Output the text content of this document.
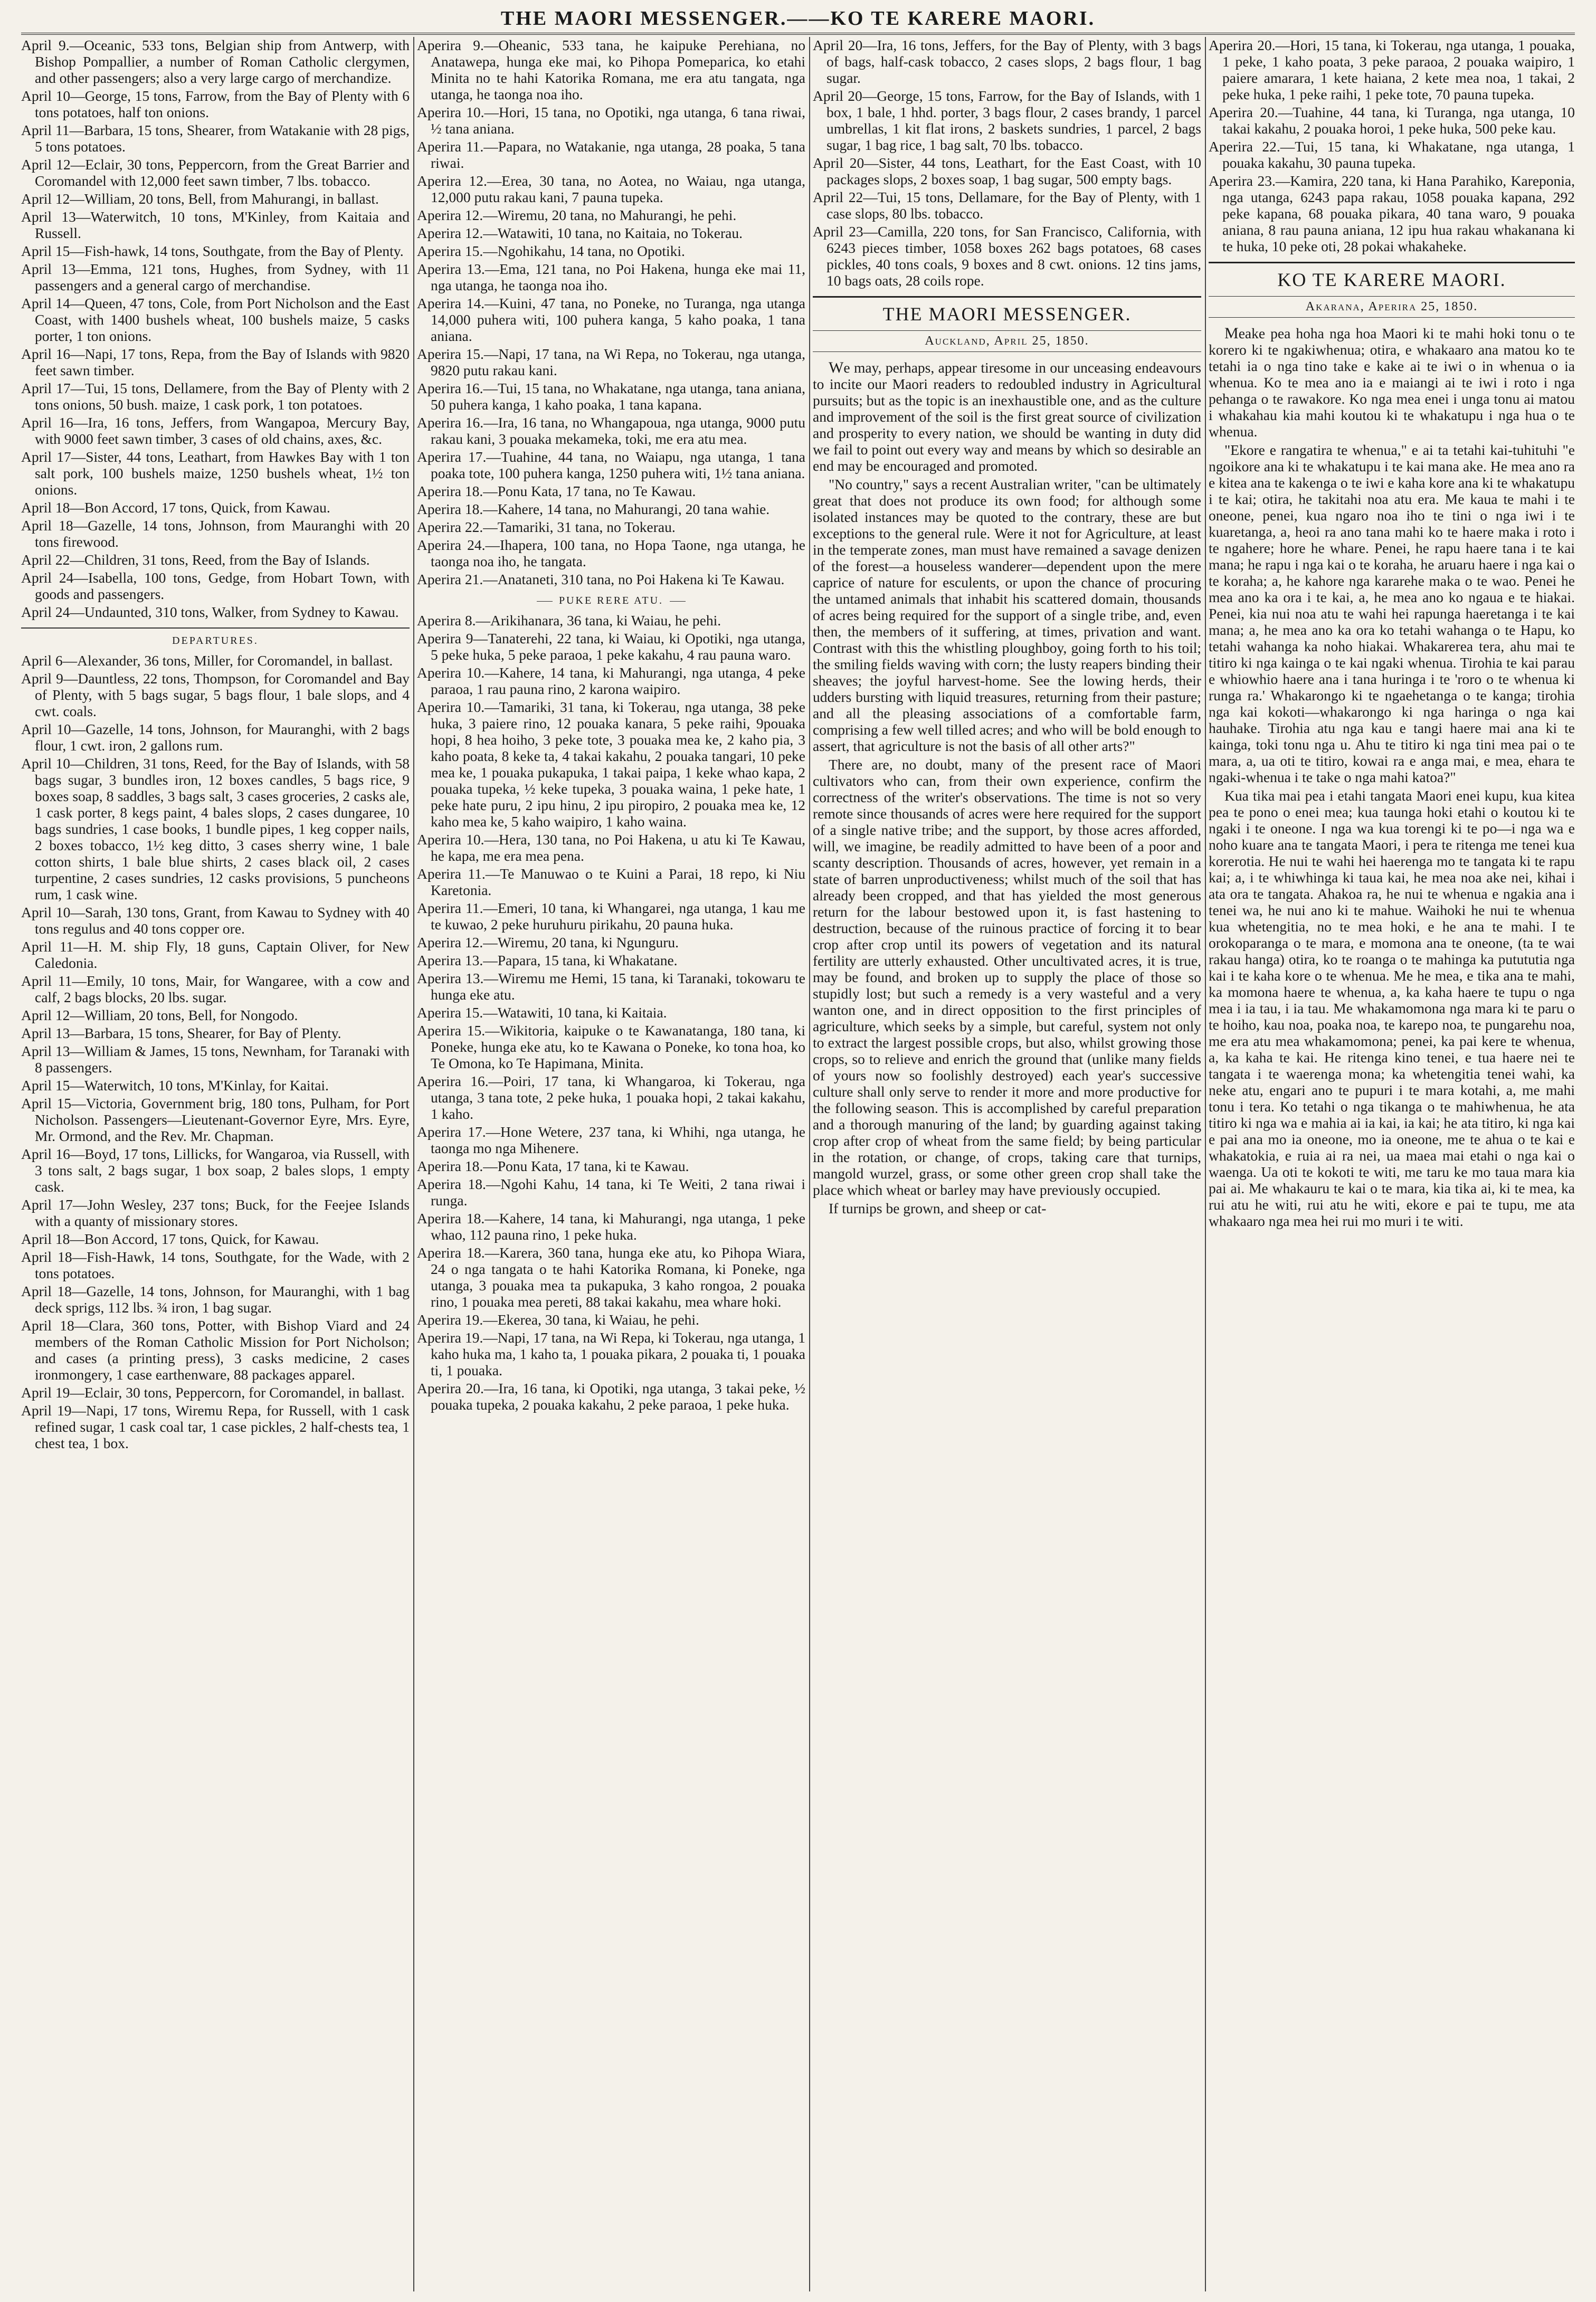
THE MAORI MESSENGER.——KO TE KARERE MAORI.

April 9.—Oceanic, 533 tons, Belgian ship from Antwerp, with Bishop Pompallier, a number of Roman Catholic clergymen, and other passengers; also a very large cargo of merchandize.

April 10—George, 15 tons, Farrow, from the Bay of Plenty with 6 tons potatoes, half ton onions.

April 11—Barbara, 15 tons, Shearer, from Watakanie with 28 pigs, 5 tons potatoes.

April 12—Eclair, 30 tons, Peppercorn, from the Great Barrier and Coromandel with 12,000 feet sawn timber, 7 lbs. tobacco.

April 12—William, 20 tons, Bell, from Mahurangi, in ballast.

April 13—Waterwitch, 10 tons, M'Kinley, from Kaitaia and Russell.

April 15—Fish-hawk, 14 tons, Southgate, from the Bay of Plenty.

April 13—Emma, 121 tons, Hughes, from Sydney, with 11 passengers and a general cargo of merchandise.

April 14—Queen, 47 tons, Cole, from Port Nicholson and the East Coast, with 1400 bushels wheat, 100 bushels maize, 5 casks porter, 1 ton onions.

April 16—Napi, 17 tons, Repa, from the Bay of Islands with 9820 feet sawn timber.

April 17—Tui, 15 tons, Dellamere, from the Bay of Plenty with 2 tons onions, 50 bush. maize, 1 cask pork, 1 ton potatoes.

April 16—Ira, 16 tons, Jeffers, from Wangapoa, Mercury Bay, with 9000 feet sawn timber, 3 cases of old chains, axes, &c.

April 17—Sister, 44 tons, Leathart, from Hawkes Bay with 1 ton salt pork, 100 bushels maize, 1250 bushels wheat, 1½ ton onions.

April 18—Bon Accord, 17 tons, Quick, from Kawau.

April 18—Gazelle, 14 tons, Johnson, from Mauranghi with 20 tons firewood.

April 22—Children, 31 tons, Reed, from the Bay of Islands.

April 24—Isabella, 100 tons, Gedge, from Hobart Town, with goods and passengers.

April 24—Undaunted, 310 tons, Walker, from Sydney to Kawau.

DEPARTURES.

April 6—Alexander, 36 tons, Miller, for Coromandel, in ballast.

April 9—Dauntless, 22 tons, Thompson, for Coromandel and Bay of Plenty, with 5 bags sugar, 5 bags flour, 1 bale slops, and 4 cwt. coals.

April 10—Gazelle, 14 tons, Johnson, for Mauranghi, with 2 bags flour, 1 cwt. iron, 2 gallons rum.

April 10—Children, 31 tons, Reed, for the Bay of Islands, with 58 bags sugar, 3 bundles iron, 12 boxes candles, 5 bags rice, 9 boxes soap, 8 saddles, 3 bags salt, 3 cases groceries, 2 casks ale, 1 cask porter, 8 kegs paint, 4 bales slops, 2 cases dungaree, 10 bags sundries, 1 case books, 1 bundle pipes, 1 keg copper nails, 2 boxes tobacco, 1½ keg ditto, 3 cases sherry wine, 1 bale cotton shirts, 1 bale blue shirts, 2 cases black oil, 2 cases turpentine, 2 cases sundries, 12 casks provisions, 5 puncheons rum, 1 cask wine.

April 10—Sarah, 130 tons, Grant, from Kawau to Sydney with 40 tons regulus and 40 tons copper ore.

April 11—H. M. ship Fly, 18 guns, Captain Oliver, for New Caledonia.

April 11—Emily, 10 tons, Mair, for Wangaree, with a cow and calf, 2 bags blocks, 20 lbs. sugar.

April 12—William, 20 tons, Bell, for Nongodo.

April 13—Barbara, 15 tons, Shearer, for Bay of Plenty.

April 13—William & James, 15 tons, Newnham, for Taranaki with 8 passengers.

April 15—Waterwitch, 10 tons, M'Kinlay, for Kaitai.

April 15—Victoria, Government brig, 180 tons, Pulham, for Port Nicholson. Passengers—Lieutenant-Governor Eyre, Mrs. Eyre, Mr. Ormond, and the Rev. Mr. Chapman.

April 16—Boyd, 17 tons, Lillicks, for Wangaroa, via Russell, with 3 tons salt, 2 bags sugar, 1 box soap, 2 bales slops, 1 empty cask.

April 17—John Wesley, 237 tons; Buck, for the Feejee Islands with a quanty of missionary stores.

April 18—Bon Accord, 17 tons, Quick, for Kawau.

April 18—Fish-Hawk, 14 tons, Southgate, for the Wade, with 2 tons potatoes.

April 18—Gazelle, 14 tons, Johnson, for Mauranghi, with 1 bag deck sprigs, 112 lbs. ¾ iron, 1 bag sugar.

April 18—Clara, 360 tons, Potter, with Bishop Viard and 24 members of the Roman Catholic Mission for Port Nicholson; and cases (a printing press), 3 casks medicine, 2 cases ironmongery, 1 case earthenware, 88 packages apparel.

April 19—Eclair, 30 tons, Peppercorn, for Coromandel, in ballast.

April 19—Napi, 17 tons, Wiremu Repa, for Russell, with 1 cask refined sugar, 1 cask coal tar, 1 case pickles, 2 half-chests tea, 1 chest tea, 1 box.

Aperira 9.—Oheanic, 533 tana, he kaipuke Perehiana, no Anatawepa, hunga eke mai, ko Pihopa Pomeparica, ko etahi Minita no te hahi Katorika Romana, me era atu tangata, nga utanga, he taonga noa iho.

Aperira 10.—Hori, 15 tana, no Opotiki, nga utanga, 6 tana riwai, ½ tana aniana.

Aperira 11.—Papara, no Watakanie, nga utanga, 28 poaka, 5 tana riwai.

Aperira 12.—Erea, 30 tana, no Aotea, no Waiau, nga utanga, 12,000 putu rakau kani, 7 pauna tupeka.

Aperira 12.—Wiremu, 20 tana, no Mahurangi, he pehi.

Aperira 12.—Watawiti, 10 tana, no Kaitaia, no Tokerau.

Aperira 15.—Ngohikahu, 14 tana, no Opotiki.

Aperira 13.—Ema, 121 tana, no Poi Hakena, hunga eke mai 11, nga utanga, he taonga noa iho.

Aperira 14.—Kuini, 47 tana, no Poneke, no Turanga, nga utanga 14,000 puhera witi, 100 puhera kanga, 5 kaho poaka, 1 tana aniana.

Aperira 15.—Napi, 17 tana, na Wi Repa, no Tokerau, nga utanga, 9820 putu rakau kani.

Aperira 16.—Tui, 15 tana, no Whakatane, nga utanga, tana aniana, 50 puhera kanga, 1 kaho poaka, 1 tana kapana.

Aperira 16.—Ira, 16 tana, no Whangapoua, nga utanga, 9000 putu rakau kani, 3 pouaka mekameka, toki, me era atu mea.

Aperira 17.—Tuahine, 44 tana, no Waiapu, nga utanga, 1 tana poaka tote, 100 puhera kanga, 1250 puhera witi, 1½ tana aniana.

Aperira 18.—Ponu Kata, 17 tana, no Te Kawau.

Aperira 18.—Kahere, 14 tana, no Mahurangi, 20 tana wahie.

Aperira 22.—Tamariki, 31 tana, no Tokerau.

Aperira 24.—Ihapera, 100 tana, no Hopa Taone, nga utanga, he taonga noa iho, he tangata.

Aperira 21.—Anataneti, 310 tana, no Poi Hakena ki Te Kawau.

PUKE RERE ATU.

Aperira 8.—Arikihanara, 36 tana, ki Waiau, he pehi.

Aperira 9—Tanaterehi, 22 tana, ki Waiau, ki Opotiki, nga utanga, 5 peke huka, 5 peke paraoa, 1 peke kakahu, 4 rau pauna waro.

Aperira 10.—Kahere, 14 tana, ki Mahurangi, nga utanga, 4 peke paraoa, 1 rau pauna rino, 2 karona waipiro.

Aperira 10.—Tamariki, 31 tana, ki Tokerau, nga utanga, 38 peke huka, 3 paiere rino, 12 pouaka kanara, 5 peke raihi, 9pouaka hopi, 8 hea hoiho, 3 peke tote, 3 pouaka mea ke, 2 kaho pia, 3 kaho poata, 8 keke ta, 4 takai kakahu, 2 pouaka tangari, 10 peke mea ke, 1 pouaka pukapuka, 1 takai paipa, 1 keke whao kapa, 2 pouaka tupeka, ½ keke tupeka, 3 pouaka waina, 1 peke hate, 1 peke hate puru, 2 ipu hinu, 2 ipu piropiro, 2 pouaka mea ke, 12 kaho mea ke, 5 kaho waipiro, 1 kaho waina.

Aperira 10.—Hera, 130 tana, no Poi Hakena, u atu ki Te Kawau, he kapa, me era mea pena.

Aperira 11.—Te Manuwao o te Kuini a Parai, 18 repo, ki Niu Karetonia.

Aperira 11.—Emeri, 10 tana, ki Whangarei, nga utanga, 1 kau me te kuwao, 2 peke huruhuru pirikahu, 20 pauna huka.

Aperira 12.—Wiremu, 20 tana, ki Ngunguru.

Aperira 13.—Papara, 15 tana, ki Whakatane.

Aperira 13.—Wiremu me Hemi, 15 tana, ki Taranaki, tokowaru te hunga eke atu.

Aperira 15.—Watawiti, 10 tana, ki Kaitaia.

Aperira 15.—Wikitoria, kaipuke o te Kawanatanga, 180 tana, ki Poneke, hunga eke atu, ko te Kawana o Poneke, ko tona hoa, ko Te Omona, ko Te Hapimana, Minita.

Aperira 16.—Poiri, 17 tana, ki Whangaroa, ki Tokerau, nga utanga, 3 tana tote, 2 peke huka, 1 pouaka hopi, 2 takai kakahu, 1 kaho.

Aperira 17.—Hone Wetere, 237 tana, ki Whihi, nga utanga, he taonga mo nga Mihenere.

Aperira 18.—Ponu Kata, 17 tana, ki te Kawau.

Aperira 18.—Ngohi Kahu, 14 tana, ki Te Weiti, 2 tana riwai i runga.

Aperira 18.—Kahere, 14 tana, ki Mahurangi, nga utanga, 1 peke whao, 112 pauna rino, 1 peke huka.

Aperira 18.—Karera, 360 tana, hunga eke atu, ko Pihopa Wiara, 24 o nga tangata o te hahi Katorika Romana, ki Poneke, nga utanga, 3 pouaka mea ta pukapuka, 3 kaho rongoa, 2 pouaka rino, 1 pouaka mea pereti, 88 takai kakahu, mea whare hoki.

Aperira 19.—Ekerea, 30 tana, ki Waiau, he pehi.

Aperira 19.—Napi, 17 tana, na Wi Repa, ki Tokerau, nga utanga, 1 kaho huka ma, 1 kaho ta, 1 pouaka pikara, 2 pouaka ti, 1 pouaka ti, 1 pouaka.

Aperira 20.—Ira, 16 tana, ki Opotiki, nga utanga, 3 takai peke, ½ pouaka tupeka, 2 pouaka kakahu, 2 peke paraoa, 1 peke huka.

April 20—Ira, 16 tons, Jeffers, for the Bay of Plenty, with 3 bags of bags, half-cask tobacco, 2 cases slops, 2 bags flour, 1 bag sugar.

April 20—George, 15 tons, Farrow, for the Bay of Islands, with 1 box, 1 bale, 1 hhd. porter, 3 bags flour, 2 cases brandy, 1 parcel umbrellas, 1 kit flat irons, 2 baskets sundries, 1 parcel, 2 bags sugar, 1 bag rice, 1 bag salt, 70 lbs. tobacco.

April 20—Sister, 44 tons, Leathart, for the East Coast, with 10 packages slops, 2 boxes soap, 1 bag sugar, 500 empty bags.

April 22—Tui, 15 tons, Dellamare, for the Bay of Plenty, with 1 case slops, 80 lbs. tobacco.

April 23—Camilla, 220 tons, for San Francisco, California, with 6243 pieces timber, 1058 boxes 262 bags potatoes, 68 cases pickles, 40 tons coals, 9 boxes and 8 cwt. onions. 12 tins jams, 10 bags oats, 28 coils rope.

THE MAORI MESSENGER.
Auckland, April 25, 1850.

We may, perhaps, appear tiresome in our unceasing endeavours to incite our Maori readers to redoubled industry in Agricultural pursuits; but as the topic is an inexhaustible one, and as the culture and improvement of the soil is the first great source of civilization and prosperity to every nation, we should be wanting in duty did we fail to point out every way and means by which so desirable an end may be encouraged and promoted.

"No country," says a recent Australian writer, "can be ultimately great that does not produce its own food; for although some isolated instances may be quoted to the contrary, these are but exceptions to the general rule. Were it not for Agriculture, at least in the temperate zones, man must have remained a savage denizen of the forest—a houseless wanderer—dependent upon the mere caprice of nature for esculents, or upon the chance of procuring the untamed animals that inhabit his scattered domain, thousands of acres being required for the support of a single tribe, and, even then, the members of it suffering, at times, privation and want. Contrast with this the whistling ploughboy, going forth to his toil; the smiling fields waving with corn; the lusty reapers binding their sheaves; the joyful harvest-home. See the lowing herds, their udders bursting with liquid treasures, returning from their pasture; and all the pleasing associations of a comfortable farm, comprising a few well tilled acres; and who will be bold enough to assert, that agriculture is not the basis of all other arts?"

There are, no doubt, many of the present race of Maori cultivators who can, from their own experience, confirm the correctness of the writer's observations. The time is not so very remote since thousands of acres were here required for the support of a single native tribe; and the support, by those acres afforded, will, we imagine, be readily admitted to have been of a poor and scanty description. Thousands of acres, however, yet remain in a state of barren unproductiveness; whilst much of the soil that has already been cropped, and that has yielded the most generous return for the labour bestowed upon it, is fast hastening to destruction, because of the ruinous practice of forcing it to bear crop after crop until its powers of vegetation and its natural fertility are utterly exhausted. Other uncultivated acres, it is true, may be found, and broken up to supply the place of those so stupidly lost; but such a remedy is a very wasteful and a very wanton one, and in direct opposition to the first principles of agriculture, which seeks by a simple, but careful, system not only to extract the largest possible crops, but also, whilst growing those crops, so to relieve and enrich the ground that (unlike many fields of yours now so foolishly destroyed) each year's successive culture shall only serve to render it more and more productive for the following season. This is accomplished by careful preparation and a thorough manuring of the land; by guarding against taking crop after crop of wheat from the same field; by being particular in the rotation, or change, of crops, taking care that turnips, mangold wurzel, grass, or some other green crop shall take the place which wheat or barley may have previously occupied.

If turnips be grown, and sheep or cat-

Aperira 20.—Hori, 15 tana, ki Tokerau, nga utanga, 1 pouaka, 1 peke, 1 kaho poata, 3 peke paraoa, 2 pouaka waipiro, 1 paiere amarara, 1 kete haiana, 2 kete mea noa, 1 takai, 2 peke huka, 1 peke raihi, 1 peke tote, 70 pauna tupeka.

Aperira 20.—Tuahine, 44 tana, ki Turanga, nga utanga, 10 takai kakahu, 2 pouaka horoi, 1 peke huka, 500 peke kau.

Aperira 22.—Tui, 15 tana, ki Whakatane, nga utanga, 1 pouaka kakahu, 30 pauna tupeka.

Aperira 23.—Kamira, 220 tana, ki Hana Parahiko, Kareponia, nga utanga, 6243 papa rakau, 1058 pouaka kapana, 292 peke kapana, 68 pouaka pikara, 40 tana waro, 9 pouaka aniana, 8 rau pauna aniana, 12 ipu hua rakau whakanana ki te huka, 10 peke oti, 28 pokai whakaheke.

KO TE KARERE MAORI.
Akarana, Aperira 25, 1850.

Meake pea hoha nga hoa Maori ki te mahi hoki tonu o te korero ki te ngakiwhenua; otira, e whakaaro ana matou ko te tetahi ia o nga tino take e kake ai te iwi o in whenua o ia whenua. Ko te mea ano ia e maiangi ai te iwi i roto i nga pehanga o te rawakore. Ko nga mea enei i unga tonu ai matou i whakahau kia mahi koutou ki te whakatupu i nga hua o te whenua.

"Ekore e rangatira te whenua," e ai ta tetahi kai-tuhituhi "e ngoikore ana ki te whakatupu i te kai mana ake. He mea ano ra e kitea ana te kakenga o te iwi e kaha kore ana ki te whakatupu i te kai; otira, he takitahi noa atu era. Me kaua te mahi i te oneone, penei, kua ngaro noa iho te tini o nga iwi i te kuaretanga, a, heoi ra ano tana mahi ko te haere maka i roto i te ngahere; hore he whare. Penei, he rapu haere tana i te kai mana; he rapu i nga kai o te koraha, he aruaru haere i nga kai o te koraha; a, he kahore nga kararehe maka o te wao. Penei he mea ano ka ora i te kai, a, he mea ano ko ngaua e te hiakai. Penei, kia nui noa atu te wahi hei rapunga haeretanga i te kai mana; a, he mea ano ka ora ko tetahi wahanga o te Hapu, ko tetahi wahanga ka noho hiakai. Whakarerea tera, ahu mai te titiro ki nga kainga o te kai ngaki whenua. Tirohia te kai parau e whiowhio haere ana i tana huringa i te 'roro o te whenua ki runga ra.' Whakarongo ki te ngaehetanga o te kanga; tirohia nga kai kokoti—whakarongo ki nga haringa o nga kai hauhake. Tirohia atu nga kau e tangi haere mai ana ki te kainga, toki tonu nga u. Ahu te titiro ki nga tini mea pai o te mara, a, ua oti te titiro, kowai ra e anga mai, e mea, ehara te ngaki-whenua i te take o nga mahi katoa?"

Kua tika mai pea i etahi tangata Maori enei kupu, kua kitea pea te pono o enei mea; kua taunga hoki etahi o koutou ki te ngaki i te oneone. I nga wa kua torengi ki te po—i nga wa e noho kuare ana te tangata Maori, i pera te ritenga me tenei kua korerotia. He nui te wahi hei haerenga mo te tangata ki te rapu kai; a, i te whiwhinga ki taua kai, he mea noa ake nei, kihai i ata ora te tangata. Ahakoa ra, he nui te whenua e ngakia ana i tenei wa, he nui ano ki te mahue. Waihoki he nui te whenua kua whetengitia, no te mea hoki, e he ana te mahi. I te orokoparanga o te mara, e momona ana te oneone, (ta te wai rakau hanga) otira, ko te roanga o te mahinga ka putututia nga kai i te kaha kore o te whenua. Me he mea, e tika ana te mahi, ka momona haere te whenua, a, ka kaha haere te tupu o nga mea i ia tau, i ia tau. Me whakamomona nga mara ki te paru o te hoiho, kau noa, poaka noa, te karepo noa, te pungarehu noa, me era atu mea whakamomona; penei, ka pai kere te whenua, a, ka kaha te kai. He ritenga kino tenei, e tua haere nei te tangata i te waerenga mona; ka whetengitia tenei wahi, ka neke atu, engari ano te pupuri i te mara kotahi, a, me mahi tonu i tera. Ko tetahi o nga tikanga o te mahiwhenua, he ata titiro ki nga wa e mahia ai ia kai, ia kai; he ata titiro, ki nga kai e pai ana mo ia oneone, mo ia oneone, me te ahua o te kai e whakatokia, e ruia ai ra nei, ua maea mai etahi o nga kai o waenga. Ua oti te kokoti te witi, me taru ke mo taua mara kia pai ai. Me whakauru te kai o te mara, kia tika ai, ki te mea, ka rui atu he witi, rui atu he witi, ekore e pai te tupu, me ata whakaaro nga mea hei rui mo muri i te witi.
